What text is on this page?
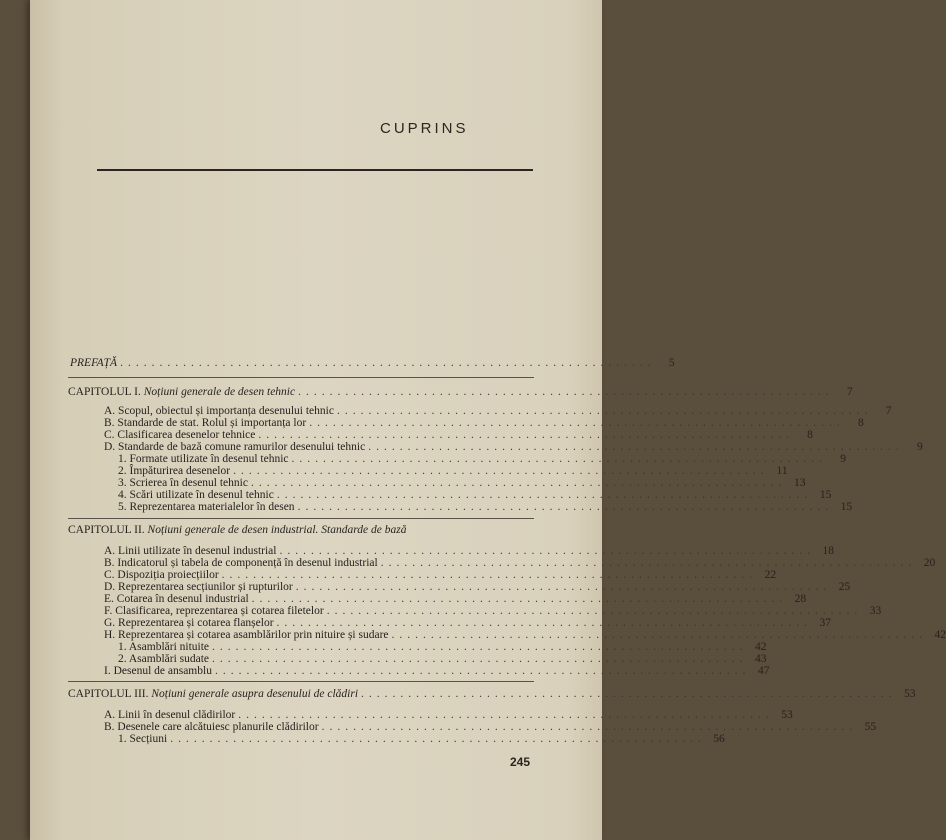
CUPRINS
PREFAȚĂ ....................................................................	5
CAPITOLUL I. Noțiuni generale de desen tehnic ....................................................................	7
A. Scopul, obiectul și importanța desenului tehnic ....................................................................	7
B. Standarde de stat. Rolul și importanța lor ....................................................................	8
C. Clasificarea desenelor tehnice ....................................................................	8
D. Standarde de bază comune ramurilor desenului tehnic ....................................................................	9
1. Formate utilizate în desenul tehnic ....................................................................	9
2. Împăturirea desenelor .................................................................... 11
3. Scrierea în desenul tehnic .................................................................... 13
4. Scări utilizate în desenul tehnic .................................................................... 15
5. Reprezentarea materialelor în desen .................................................................... 15
CAPITOLUL II. Noțiuni generale de desen industrial. Standarde de bază
A. Linii utilizate în desenul industrial .................................................................... 18
B. Indicatorul și tabela de componență în desenul industrial .................................................................... 20
C. Dispoziția proiecțiilor .................................................................... 22
D. Reprezentarea secțiunilor și rupturilor .................................................................... 25
E. Cotarea în desenul industrial .................................................................... 28
F. Clasificarea, reprezentarea și cotarea filetelor .................................................................... 33
G. Reprezentarea și cotarea flanșelor .................................................................... 37
H. Reprezentarea și cotarea asamblărilor prin nituire și sudare .................................................................... 42
1. Asamblări nituite .................................................................... 42
2. Asamblări sudate .................................................................... 43
I. Desenul de ansamblu .................................................................... 47
CAPITOLUL III. Noțiuni generale asupra desenului de clădiri .................................................................... 53
A. Linii în desenul clădirilor .................................................................... 53
B. Desenele care alcătuiesc planurile clădirilor .................................................................... 55
1. Secțiuni .................................................................... 56
245
